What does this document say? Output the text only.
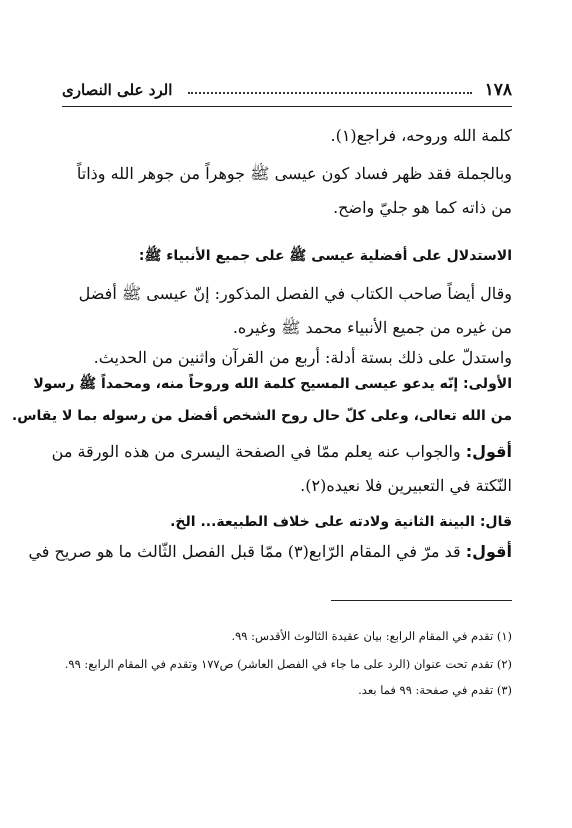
١٧٨
الرد على النصارى
كلمة الله وروحه، فراجع(١).
وبالجملة فقد ظهر فساد كون عيسى ﷺ جوهراً من جوهر الله وذاتاً
من ذاته كما هو جليّ واضح.
الاستدلال على أفضلية عيسى ﷺ على جميع الأنبياء ﷺ:
وقال أيضاً صاحب الكتاب في الفصل المذكور: إنّ عيسى ﷺ أفضل
من غيره من جميع الأنبياء محمد ﷺ وغيره.
واستدلّ على ذلك بستة أدلة: أربع من القرآن واثنين من الحديث.
الأولى: إنّه يدعو عيسى المسيح كلمة الله وروحاً منه، ومحمداً ﷺ رسولا
من الله تعالى، وعلى كلّ حال روح الشخص أفضل من رسوله بما لا يقاس.
أقول: والجواب عنه يعلم ممّا في الصفحة اليسرى من هذه الورقة من
النّكتة في التعبيرين فلا نعيده(٢).
قال: البينة الثانية ولادته على خلاف الطبيعة... الخ.
أقول: قد مرّ في المقام الرّابع(٣) ممّا قبل الفصل الثّالث ما هو صريح في
(١) تقدم في المقام الرابع: بيان عقيدة الثالوث الأقدس: ٩٩.
(٢) تقدم تحت عنوان (الرد على ما جاء في الفصل العاشر) ص١٧٧ وتقدم في المقام الرابع: ٩٩.
(٣) تقدم في صفحة: ٩٩ فما بعد.
